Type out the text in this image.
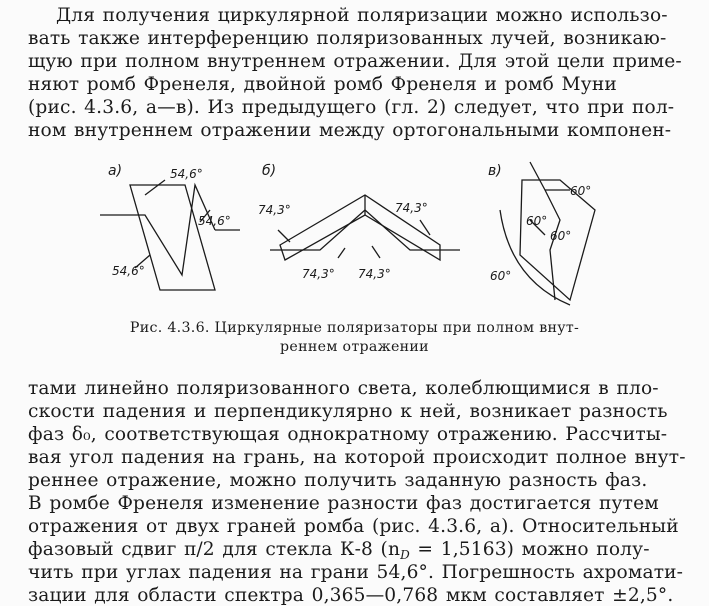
Для получения циркулярной поляризации можно использо-
вать также интерференцию поляризованных лучей, возникаю-
щую при полном внутреннем отражении. Для этой цели приме-
няют ромб Френеля, двойной ромб Френеля и ромб Муни
(рис. 4.3.6, а—в). Из предыдущего (гл. 2) следует, что при пол-
ном внутреннем отражении между ортогональными компонен-
а)	б)	в)
54,6°
54,6°
54,6°
74,3°	74,3°
74,3° 74,3°
60°
60°
60°
60°
Рис. 4.3.6. Циркулярные поляризаторы при полном внут-
реннем отражении
тами линейно поляризованного света, колеблющимися в пло-
скости падения и перпендикулярно к ней, возникает разность
фаз δ₀, соответствующая однократному отражению. Рассчиты-
вая угол падения на грань, на которой происходит полное внут-
реннее отражение, можно получить заданную разность фаз.
В ромбе Френеля изменение разности фаз достигается путем
отражения от двух граней ромба (рис. 4.3.6, а). Относительный
фазовый сдвиг π/2 для стекла К-8 $(n_D = 1,5163)$ можно полу-
чить при углах падения на грани 54,6°. Погрешность ахромати-
зации для области спектра 0,365—0,768 мкм составляет ±2,5°.
